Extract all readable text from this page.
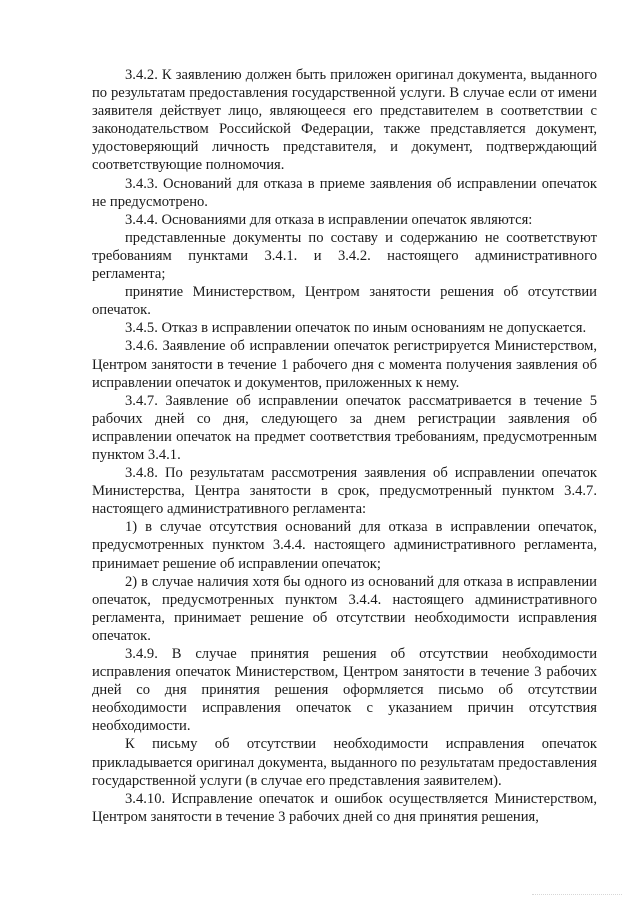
3.4.2. К заявлению должен быть приложен оригинал документа, выданного по результатам предоставления государственной услуги. В случае если от имени заявителя действует лицо, являющееся его представителем в соответствии с законодательством Российской Федерации, также представляется документ, удостоверяющий личность представителя, и документ, подтверждающий соответствующие полномочия.

3.4.3. Оснований для отказа в приеме заявления об исправлении опечаток не предусмотрено.

3.4.4. Основаниями для отказа в исправлении опечаток являются:

представленные документы по составу и содержанию не соответствуют требованиям пунктами 3.4.1. и 3.4.2. настоящего административного регламента;

принятие Министерством, Центром занятости решения об отсутствии опечаток.

3.4.5. Отказ в исправлении опечаток по иным основаниям не допускается.

3.4.6. Заявление об исправлении опечаток регистрируется Министерством, Центром занятости в течение 1 рабочего дня с момента получения заявления об исправлении опечаток и документов, приложенных к нему.

3.4.7. Заявление об исправлении опечаток рассматривается в течение 5 рабочих дней со дня, следующего за днем регистрации заявления об исправлении опечаток на предмет соответствия требованиям, предусмотренным пунктом 3.4.1.

3.4.8. По результатам рассмотрения заявления об исправлении опечаток Министерства, Центра занятости в срок, предусмотренный пунктом 3.4.7. настоящего административного регламента:

1) в случае отсутствия оснований для отказа в исправлении опечаток, предусмотренных пунктом 3.4.4. настоящего административного регламента, принимает решение об исправлении опечаток;

2) в случае наличия хотя бы одного из оснований для отказа в исправлении опечаток, предусмотренных пунктом 3.4.4. настоящего административного регламента, принимает решение об отсутствии необходимости исправления опечаток.

3.4.9. В случае принятия решения об отсутствии необходимости исправления опечаток Министерством, Центром занятости в течение 3 рабочих дней со дня принятия решения оформляется письмо об отсутствии необходимости исправления опечаток с указанием причин отсутствия необходимости.

К письму об отсутствии необходимости исправления опечаток прикладывается оригинал документа, выданного по результатам предоставления государственной услуги (в случае его представления заявителем).

3.4.10. Исправление опечаток и ошибок осуществляется Министерством, Центром занятости в течение 3 рабочих дней со дня принятия решения,
